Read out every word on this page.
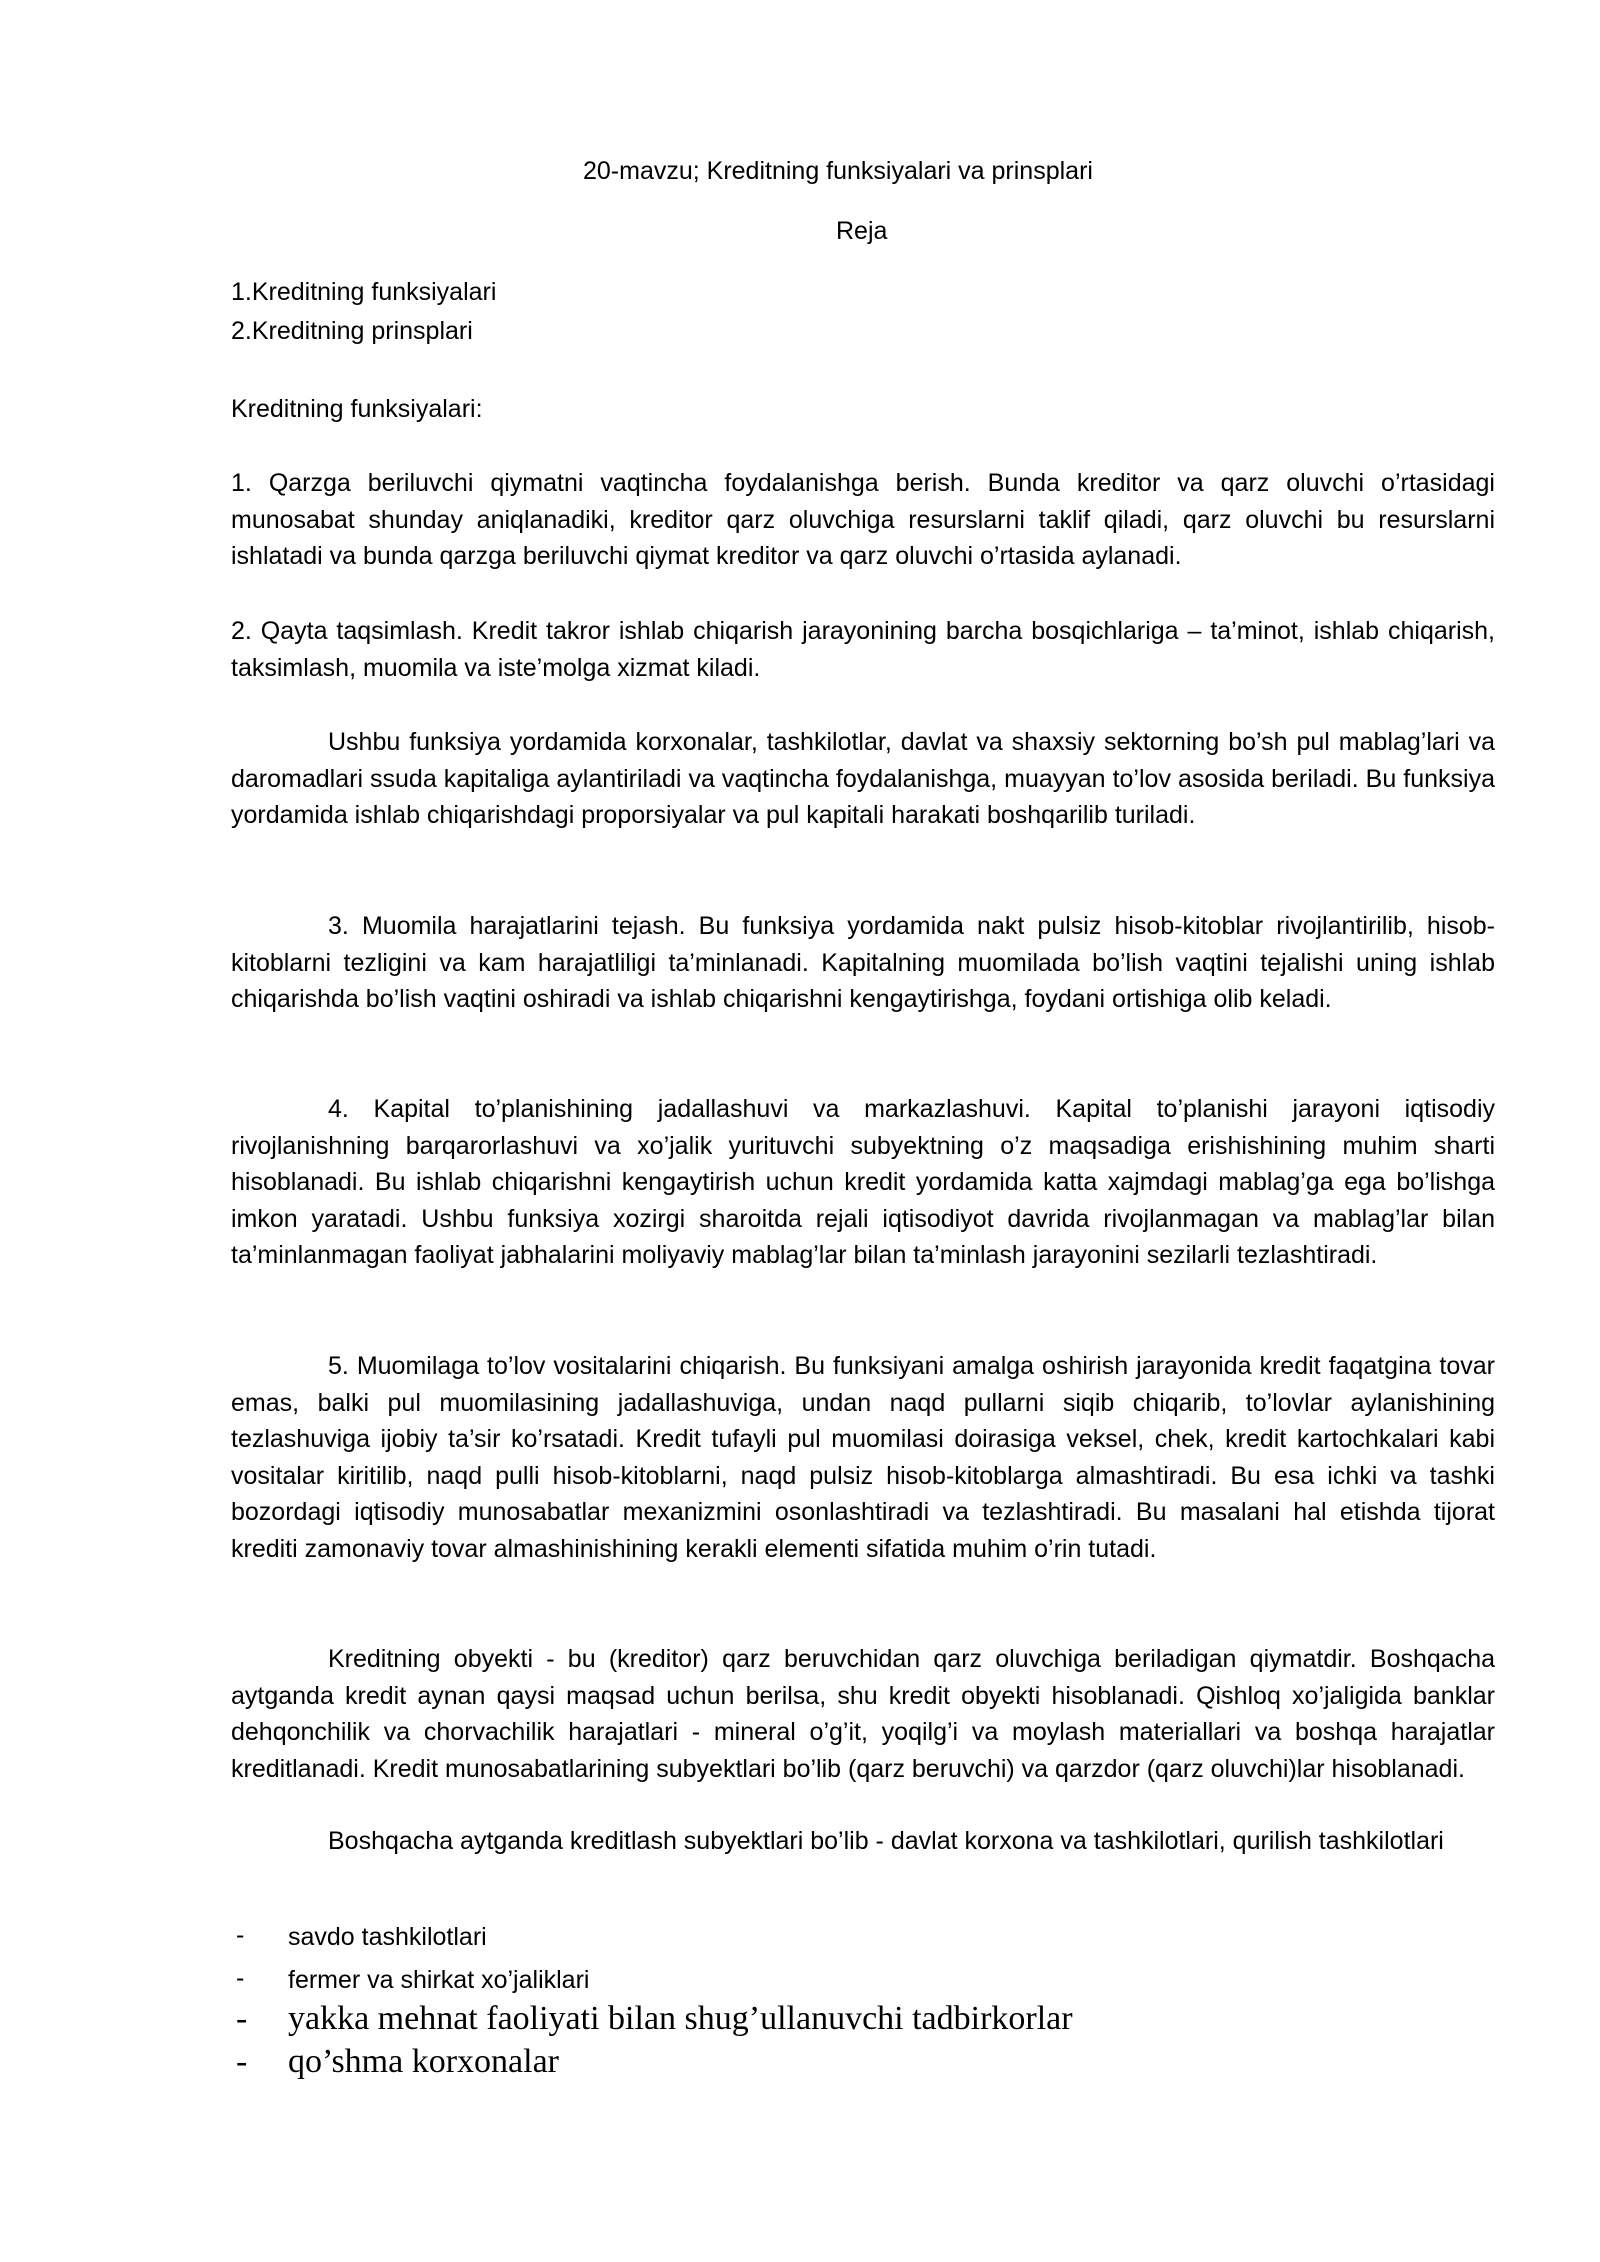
20-mavzu; Kreditning funksiyalari va prinsplari
Reja
1.Kreditning funksiyalari
2.Kreditning prinsplari
Kreditning funksiyalari:

1. Qarzga beriluvchi qiymatni vaqtincha foydalanishga berish. Bunda kreditor va qarz oluvchi o’rtasidagi munosabat shunday aniqlanadiki, kreditor qarz oluvchiga resurslarni taklif qiladi, qarz oluvchi bu resurslarni ishlatadi va bunda qarzga beriluvchi qiymat kreditor va qarz oluvchi o’rtasida aylanadi.

2. Qayta taqsimlash. Kredit takror ishlab chiqarish jarayonining barcha bosqichlariga – ta’minot, ishlab chiqarish, taksimlash, muomila va iste’molga xizmat kiladi.

Ushbu funksiya yordamida korxonalar, tashkilotlar, davlat va shaxsiy sektorning bo’sh pul mablag’lari va daromadlari ssuda kapitaliga aylantiriladi va vaqtincha foydalanishga, muayyan to’lov asosida beriladi. Bu funksiya yordamida ishlab chiqarishdagi proporsiyalar va pul kapitali harakati boshqarilib turiladi.

3. Muomila harajatlarini tejash. Bu funksiya yordamida nakt pulsiz hisob-kitoblar rivojlantirilib, hisob-kitoblarni tezligini va kam harajatliligi ta’minlanadi. Kapitalning muomilada bo’lish vaqtini tejalishi uning ishlab chiqarishda bo’lish vaqtini oshiradi va ishlab chiqarishni kengaytirishga, foydani ortishiga olib keladi.

4. Kapital to’planishining jadallashuvi va markazlashuvi. Kapital to’planishi jarayoni iqtisodiy rivojlanishning barqarorlashuvi va xo’jalik yurituvchi subyektning o’z maqsadiga erishishining muhim sharti hisoblanadi. Bu ishlab chiqarishni kengaytirish uchun kredit yordamida katta xajmdagi mablag’ga ega bo’lishga imkon yaratadi. Ushbu funksiya xozirgi sharoitda rejali iqtisodiyot davrida rivojlanmagan va mablag’lar bilan ta’minlanmagan faoliyat jabhalarini moliyaviy mablag’lar bilan ta’minlash jarayonini sezilarli tezlashtiradi.

5. Muomilaga to’lov vositalarini chiqarish. Bu funksiyani amalga oshirish jarayonida kredit faqatgina tovar emas, balki pul muomilasining jadallashuviga, undan naqd pullarni siqib chiqarib, to’lovlar aylanishining tezlashuviga ijobiy ta’sir ko’rsatadi. Kredit tufayli pul muomilasi doirasiga veksel, chek, kredit kartochkalari kabi vositalar kiritilib, naqd pulli hisob-kitoblarni, naqd pulsiz hisob-kitoblarga almashtiradi. Bu esa ichki va tashki bozordagi iqtisodiy munosabatlar mexanizmini osonlashtiradi va tezlashtiradi. Bu masalani hal etishda tijorat krediti zamonaviy tovar almashinishining kerakli elementi sifatida muhim o’rin tutadi.

Kreditning obyekti - bu (kreditor) qarz beruvchidan qarz oluvchiga beriladigan qiymatdir. Boshqacha aytganda kredit aynan qaysi maqsad uchun berilsa, shu kredit obyekti hisoblanadi. Qishloq xo’jaligida banklar dehqonchilik va chorvachilik harajatlari - mineral o’g’it, yoqilg’i va moylash materiallari va boshqa harajatlar kreditlanadi. Kredit munosabatlarining subyektlari bo’lib (qarz beruvchi) va qarzdor (qarz oluvchi)lar hisoblanadi.

Boshqacha aytganda kreditlash subyektlari bo’lib - davlat korxona va tashkilotlari, qurilish tashkilotlari

-	savdo tashkilotlari
-	fermer va shirkat xo’jaliklari
- yakka mehnat faoliyati bilan shug’ullanuvchi tadbirkorlar
- qo’shma korxonalar
